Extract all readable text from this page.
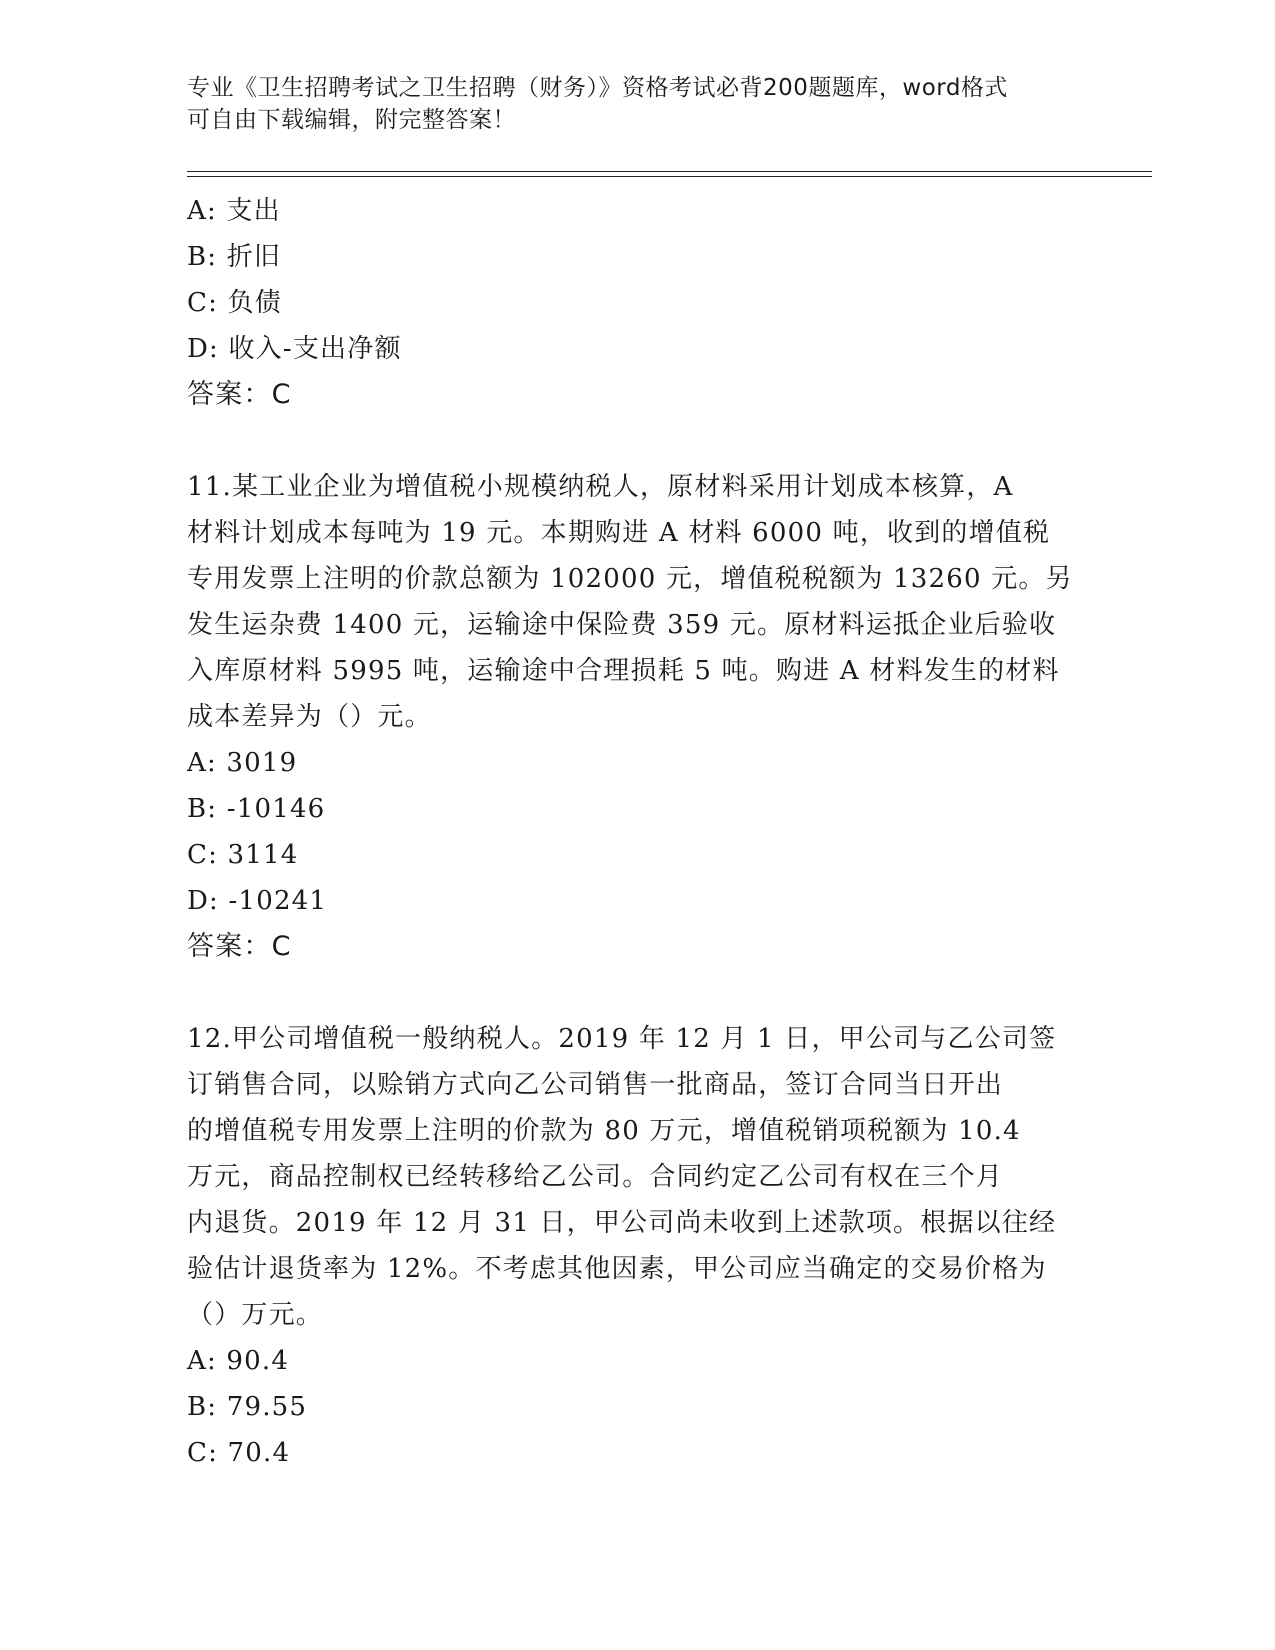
专业《卫生招聘考试之卫生招聘（财务）》资格考试必背200题题库，word格式
可自由下载编辑，附完整答案！
A: 支出
B: 折旧
C: 负债
D: 收入-支出净额
答案：C
11.某工业企业为增值税小规模纳税人，原材料采用计划成本核算，A
材料计划成本每吨为 19 元。本期购进 A 材料 6000 吨，收到的增值税
专用发票上注明的价款总额为 102000 元，增值税税额为 13260 元。另
发生运杂费 1400 元，运输途中保险费 359 元。原材料运抵企业后验收
入库原材料 5995 吨，运输途中合理损耗 5 吨。购进 A 材料发生的材料
成本差异为（）元。
A: 3019
B: -10146
C: 3114
D: -10241
答案：C
12.甲公司增值税一般纳税人。2019 年 12 月 1 日，甲公司与乙公司签
订销售合同，以赊销方式向乙公司销售一批商品，签订合同当日开出
的增值税专用发票上注明的价款为 80 万元，增值税销项税额为 10.4
万元，商品控制权已经转移给乙公司。合同约定乙公司有权在三个月
内退货。2019 年 12 月 31 日，甲公司尚未收到上述款项。根据以往经
验估计退货率为 12%。不考虑其他因素，甲公司应当确定的交易价格为
（）万元。
A: 90.4
B: 79.55
C: 70.4
